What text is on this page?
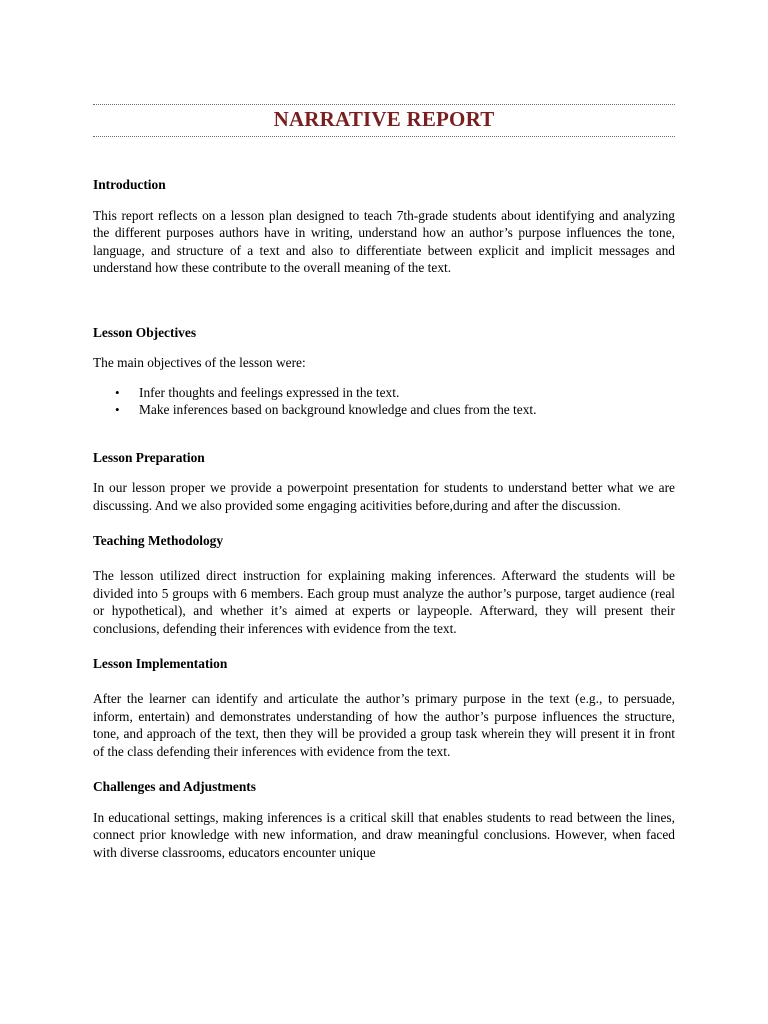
NARRATIVE REPORT

Introduction

This report reflects on a lesson plan designed to teach 7th-grade students about identifying and analyzing the different purposes authors have in writing, understand how an author’s purpose influences the tone, language, and structure of a text and also to differentiate between explicit and implicit messages and understand how these contribute to the overall meaning of the text.

Lesson Objectives

The main objectives of the lesson were:

• Infer thoughts and feelings expressed in the text.
• Make inferences based on background knowledge and clues from the text.

Lesson Preparation

In our lesson proper we provide a powerpoint presentation for students to understand better what we are discussing. And we also provided some engaging acitivities before,during and after the discussion.

Teaching Methodology

The lesson utilized direct instruction for explaining making inferences. Afterward the students will be divided into 5 groups with 6 members. Each group must analyze the author’s purpose, target audience (real or hypothetical), and whether it’s aimed at experts or laypeople. Afterward, they will present their conclusions, defending their inferences with evidence from the text.

Lesson Implementation

After the learner can identify and articulate the author’s primary purpose in the text (e.g., to persuade, inform, entertain) and demonstrates understanding of how the author’s purpose influences the structure, tone, and approach of the text, then they will be provided a group task wherein they will present it in front of the class defending their inferences with evidence from the text.

Challenges and Adjustments

In educational settings, making inferences is a critical skill that enables students to read between the lines, connect prior knowledge with new information, and draw meaningful conclusions. However, when faced with diverse classrooms, educators encounter unique
